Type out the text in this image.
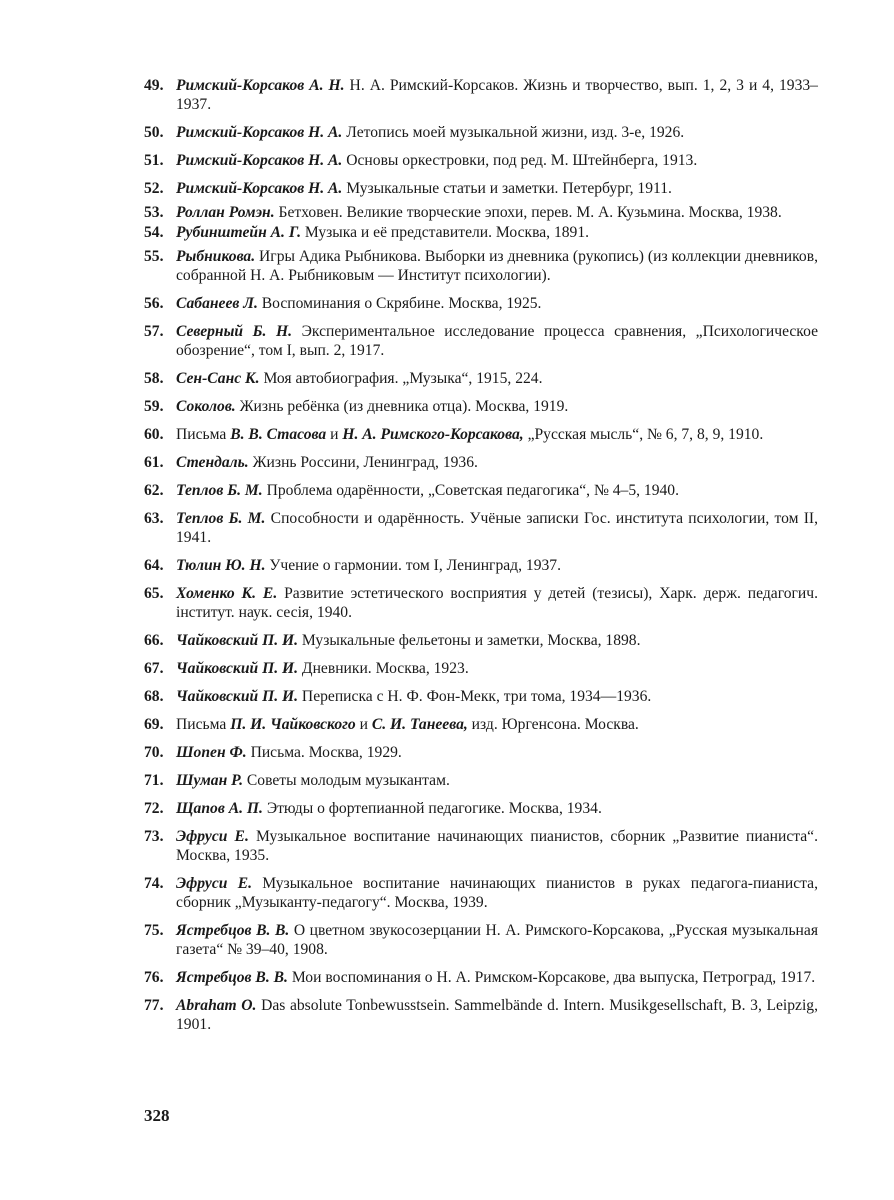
49. Римский-Корсаков А. Н. Н. А. Римский-Корсаков. Жизнь и творчество, вып. 1, 2, 3 и 4, 1933–1937.
50. Римский-Корсаков Н. А. Летопись моей музыкальной жизни, изд. 3-е, 1926.
51. Римский-Корсаков Н. А. Основы оркестровки, под ред. М. Штейнберга, 1913.
52. Римский-Корсаков Н. А. Музыкальные статьи и заметки. Петербург, 1911.
53. Роллан Ромэн. Бетховен. Великие творческие эпохи, перев. М. А. Кузьмина. Москва, 1938.
54. Рубинштейн А. Г. Музыка и её представители. Москва, 1891.
55. Рыбникова. Игры Адика Рыбникова. Выборки из дневника (рукопись) (из коллекции дневников, собранной Н. А. Рыбниковым — Институт психологии).
56. Сабанеев Л. Воспоминания о Скрябине. Москва, 1925.
57. Северный Б. Н. Экспериментальное исследование процесса сравнения, „Психологическое обозрение“, том I, вып. 2, 1917.
58. Сен-Санс К. Моя автобиография. „Музыка“, 1915, 224.
59. Соколов. Жизнь ребёнка (из дневника отца). Москва, 1919.
60. Письма В. В. Стасова и Н. А. Римского-Корсакова, „Русская мысль“, № 6, 7, 8, 9, 1910.
61. Стендаль. Жизнь Россини, Ленинград, 1936.
62. Теплов Б. М. Проблема одарённости, „Советская педагогика“, № 4–5, 1940.
63. Теплов Б. М. Способности и одарённость. Учёные записки Гос. института психологии, том II, 1941.
64. Тюлин Ю. Н. Учение о гармонии. том I, Ленинград, 1937.
65. Хоменко К. Е. Развитие эстетического восприятия у детей (тезисы), Харк. держ. педагогич. інститут. наук. сесія, 1940.
66. Чайковский П. И. Музыкальные фельетоны и заметки, Москва, 1898.
67. Чайковский П. И. Дневники. Москва, 1923.
68. Чайковский П. И. Переписка с Н. Ф. Фон-Мекк, три тома, 1934—1936.
69. Письма П. И. Чайковского и С. И. Танеева, изд. Юргенсона. Москва.
70. Шопен Ф. Письма. Москва, 1929.
71. Шуман Р. Советы молодым музыкантам.
72. Щапов А. П. Этюды о фортепианной педагогике. Москва, 1934.
73. Эфруси Е. Музыкальное воспитание начинающих пианистов, сборник „Развитие пианиста“. Москва, 1935.
74. Эфруси Е. Музыкальное воспитание начинающих пианистов в руках педагога-пианиста, сборник „Музыканту-педагогу“. Москва, 1939.
75. Ястребцов В. В. О цветном звукосозерцании Н. А. Римского-Корсакова, „Русская музыкальная газета“ № 39–40, 1908.
76. Ястребцов В. В. Мои воспоминания о Н. А. Римском-Корсакове, два выпуска, Петроград, 1917.
77. Abraham O. Das absolute Tonbewusstsein. Sammelbände d. Intern. Musikgesellschaft, B. 3, Leipzig, 1901.
328
